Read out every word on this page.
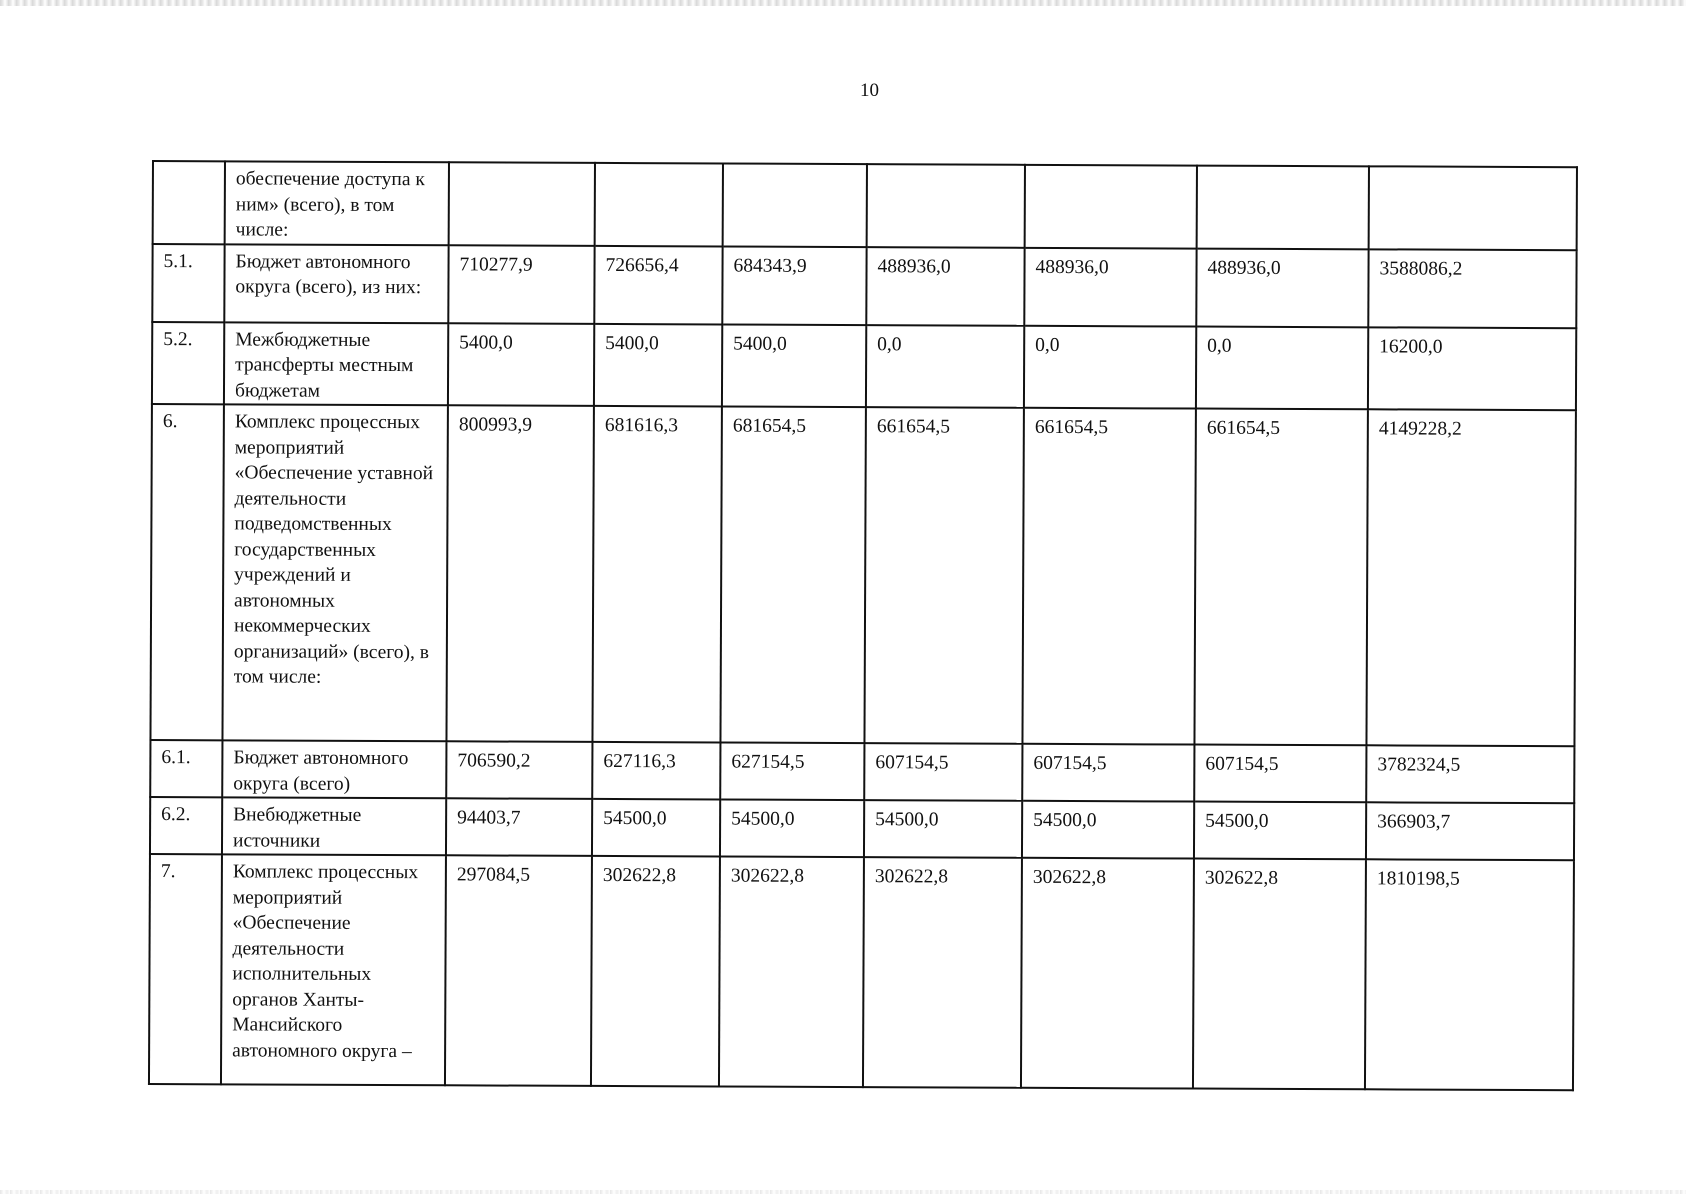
10
	обеспечение доступа к ним» (всего), в том числе:							
5.1.	Бюджет автономного округа (всего), из них:	710277,9	726656,4	684343,9	488936,0	488936,0	488936,0	3588086,2
5.2.	Межбюджетные трансферты местным бюджетам	5400,0	5400,0	5400,0	0,0	0,0	0,0	16200,0
6.	Комплекс процессных мероприятий «Обеспечение уставной деятельности подведомственных государственных учреждений и автономных некоммерческих организаций» (всего), в том числе:	800993,9	681616,3	681654,5	661654,5	661654,5	661654,5	4149228,2
6.1.	Бюджет автономного округа (всего)	706590,2	627116,3	627154,5	607154,5	607154,5	607154,5	3782324,5
6.2.	Внебюджетные источники	94403,7	54500,0	54500,0	54500,0	54500,0	54500,0	366903,7
7.	Комплекс процессных мероприятий «Обеспечение деятельности исполнительных органов Ханты-Мансийского автономного округа –	297084,5	302622,8	302622,8	302622,8	302622,8	302622,8	1810198,5
